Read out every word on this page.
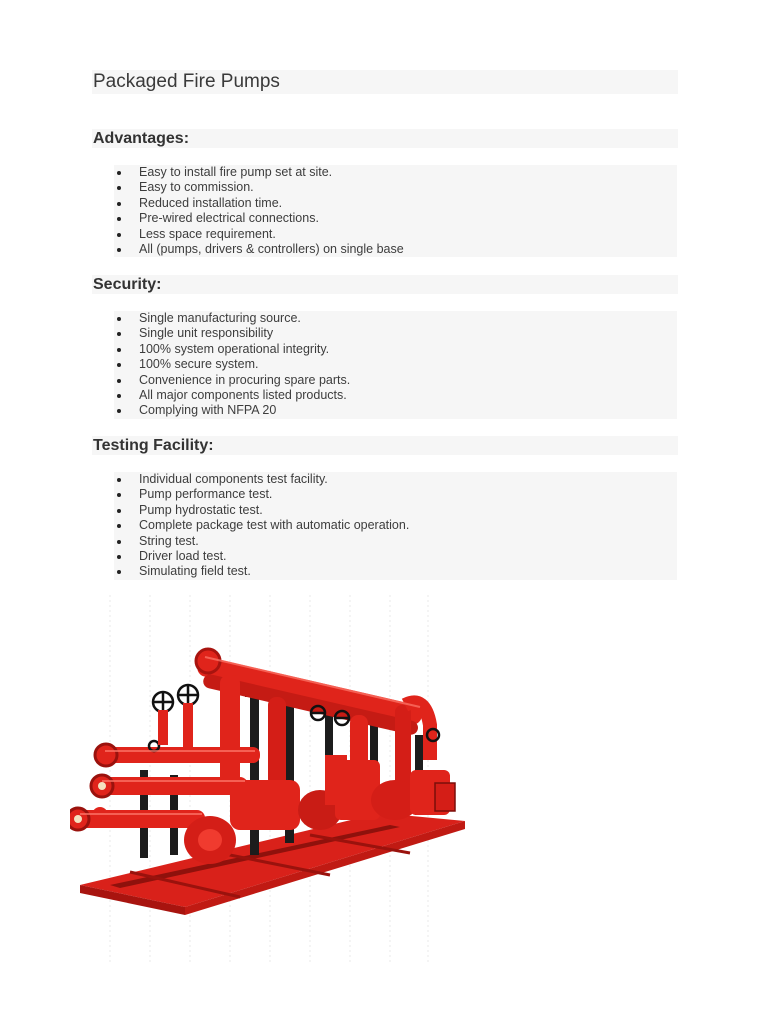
Packaged Fire Pumps
Advantages:
Easy to install fire pump set at site.
Easy to commission.
Reduced installation time.
Pre-wired electrical connections.
Less space requirement.
All (pumps, drivers & controllers) on single base
Security:
Single manufacturing source.
Single unit responsibility
100% system operational integrity.
100% secure system.
Convenience in procuring spare parts.
All major components listed products.
Complying with NFPA 20
Testing Facility:
Individual components test facility.
Pump performance test.
Pump hydrostatic test.
Complete package test with automatic operation.
String test.
Driver load test.
Simulating field test.
